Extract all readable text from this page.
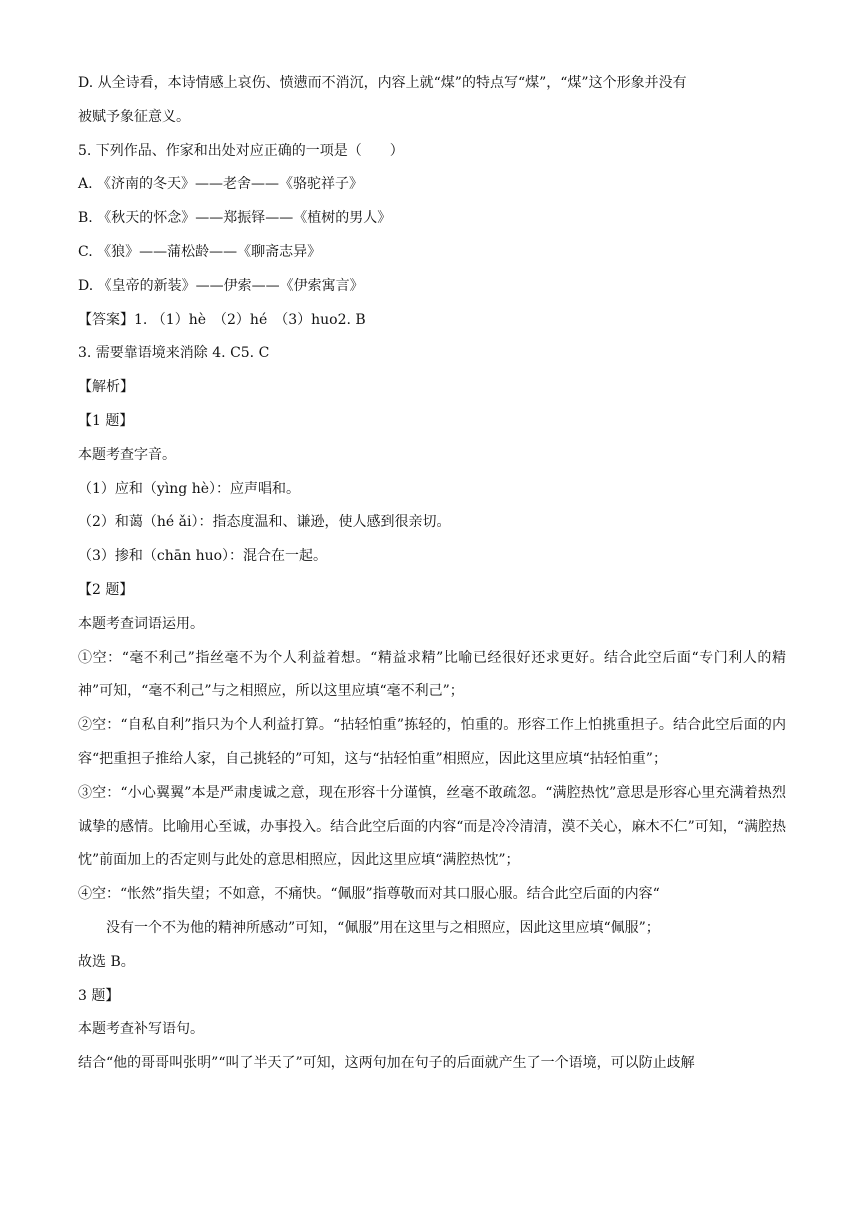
D. 从全诗看，本诗情感上哀伤、愤懑而不消沉，内容上就“煤”的特点写“煤”，“煤”这个形象并没有

被赋予象征意义。

5. 下列作品、作家和出处对应正确的一项是（　　）

A. 《济南的冬天》——老舍——《骆驼祥子》

B. 《秋天的怀念》——郑振铎——《植树的男人》

C. 《狼》——蒲松龄——《聊斋志异》

D. 《皇帝的新装》——伊索——《伊索寓言》

【答案】1. （1）hè　（2）hé　（3）huo2. B

3. 需要靠语境来消除 4. C5. C

【解析】

【1 题】

本题考查字音。

（1）应和（yìng hè）：应声唱和。

（2）和蔼（hé ǎi）：指态度温和、谦逊，使人感到很亲切。

（3）掺和（chān huo）：混合在一起。

【2 题】

本题考查词语运用。

①空：“毫不利己”指丝毫不为个人利益着想。“精益求精”比喻已经很好还求更好。结合此空后面“专门利人的精神”可知，“毫不利己”与之相照应，所以这里应填“毫不利己”；

②空：“自私自利”指只为个人利益打算。“拈轻怕重”拣轻的，怕重的。形容工作上怕挑重担子。结合此空后面的内容“把重担子推给人家，自己挑轻的”可知，这与“拈轻怕重”相照应，因此这里应填“拈轻怕重”；

③空：“小心翼翼”本是严肃虔诚之意，现在形容十分谨慎，丝毫不敢疏忽。“满腔热忱”意思是形容心里充满着热烈诚挚的感情。比喻用心至诚，办事投入。结合此空后面的内容“而是冷冷清清，漠不关心，麻木不仁”可知，“满腔热忱”前面加上的否定则与此处的意思相照应，因此这里应填“满腔热忱”；

④空：“怅然”指失望；不如意，不痛快。“佩服”指尊敬而对其口服心服。结合此空后面的内容“

没有一个不为他的精神所感动”可知，“佩服”用在这里与之相照应，因此这里应填“佩服”；

故选 B。

3 题】

本题考查补写语句。

结合“他的哥哥叫张明”“叫了半天了”可知，这两句加在句子的后面就产生了一个语境，可以防止歧解
